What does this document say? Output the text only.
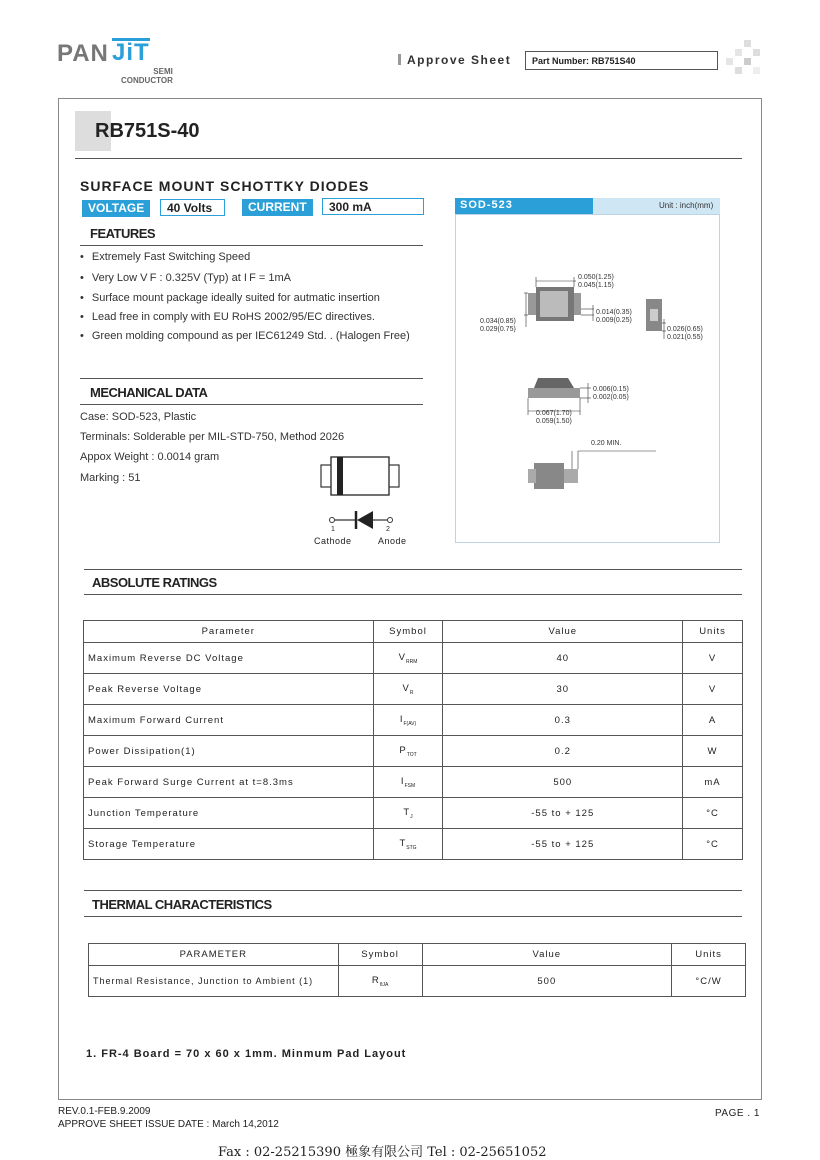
PAN JiT
SEMI
CONDUCTOR
Approve Sheet	Part Number: RB751S40
RB751S-40
SURFACE MOUNT SCHOTTKY DIODES
VOLTAGE	40 Volts	CURRENT	300 mA
FEATURES
• Extremely Fast Switching Speed
• Very Low V F : 0.325V (Typ) at I F = 1mA
• Surface mount package ideally suited for autmatic insertion
• Lead free in comply with EU RoHS 2002/95/EC directives.
• Green molding compound as per IEC61249 Std. . (Halogen Free)
MECHANICAL DATA
Case: SOD-523, Plastic
Terminals: Solderable per MIL-STD-750, Method 2026
Appox Weight : 0.0014 gram
Marking : 51
1	2
Cathode	Anode
SOD-523	Unit : inch(mm)
0.050(1.25)
0.045(1.15)
0.014(0.35)
0.009(0.25)
0.034(0.85)
0.029(0.75)	0.026(0.65)
0.021(0.55)
0.006(0.15)
0.002(0.05)
0.067(1.70)
0.059(1.50)
0.20 MIN.
ABSOLUTE RATINGS
Parameter	Symbol	Value	Units
Maximum Reverse DC Voltage	$V_{RRM}$	40	V
Peak Reverse Voltage	$V_R$	30	V
Maximum Forward Current	$I_{F(AV)}$	0.3	A
Power Dissipation(1)	$P_{TOT}$	0.2	W
Peak Forward Surge Current at t=8.3ms	$I_{FSM}$	500	mA
Junction Temperature	$T_J$	-55 to + 125	°C
Storage Temperature	$T_{STG}$	-55 to + 125	°C
THERMAL CHARACTERISTICS
PARAMETER	Symbol	Value	Units
Thermal Resistance, Junction to Ambient (1)	$R_{\theta JA}$	500	°C/W
1. FR-4 Board = 70 x 60 x 1mm. Minmum Pad Layout
REV.0.1-FEB.9.2009
APPROVE SHEET ISSUE DATE : March 14,2012
PAGE . 1
Fax : 02-25215390 極象有限公司 Tel : 02-25651052
